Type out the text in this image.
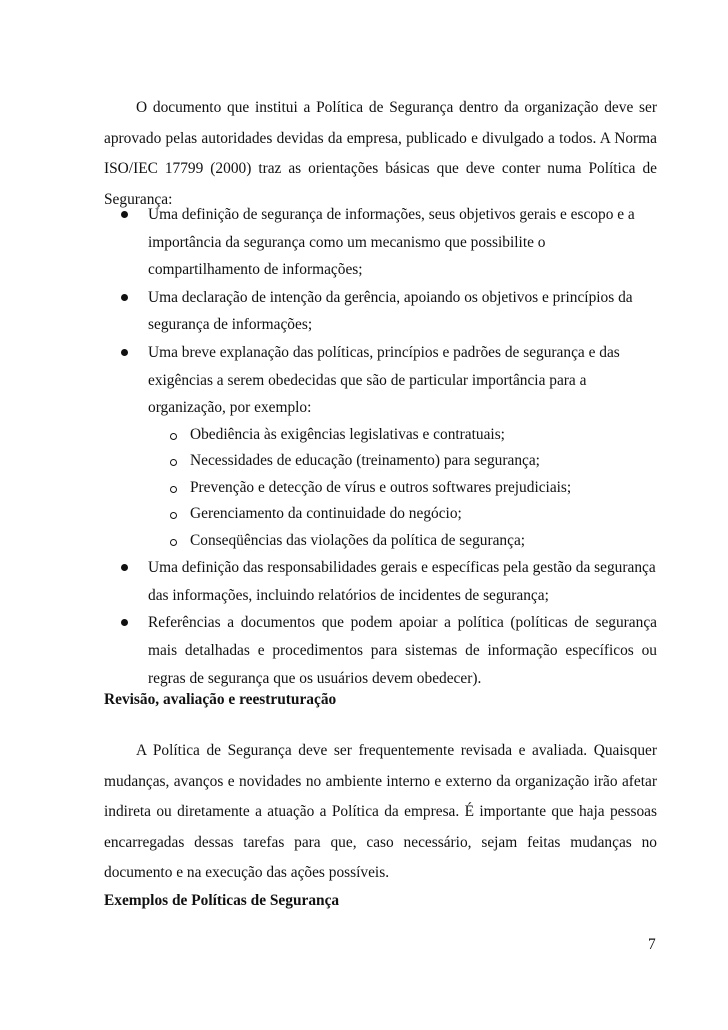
O documento que institui a Política de Segurança dentro da organização deve ser aprovado pelas autoridades devidas da empresa, publicado e divulgado a todos. A Norma ISO/IEC 17799 (2000) traz as orientações básicas que deve conter numa Política de Segurança:

Uma definição de segurança de informações, seus objetivos gerais e escopo e a importância da segurança como um mecanismo que possibilite o compartilhamento de informações;
Uma declaração de intenção da gerência, apoiando os objetivos e princípios da segurança de informações;
Uma breve explanação das políticas, princípios e padrões de segurança e das exigências a serem obedecidas que são de particular importância para a organização, por exemplo:
Obediência às exigências legislativas e contratuais;
Necessidades de educação (treinamento) para segurança;
Prevenção e detecção de vírus e outros softwares prejudiciais;
Gerenciamento da continuidade do negócio;
Conseqüências das violações da política de segurança;
Uma definição das responsabilidades gerais e específicas pela gestão da segurança das informações, incluindo relatórios de incidentes de segurança;
Referências a documentos que podem apoiar a política (políticas de segurança mais detalhadas e procedimentos para sistemas de informação específicos ou regras de segurança que os usuários devem obedecer).
Revisão, avaliação e reestruturação

A Política de Segurança deve ser frequentemente revisada e avaliada. Quaisquer mudanças, avanços e novidades no ambiente interno e externo da organização irão afetar indireta ou diretamente a atuação a Política da empresa. É importante que haja pessoas encarregadas dessas tarefas para que, caso necessário, sejam feitas mudanças no documento e na execução das ações possíveis.

Exemplos de Políticas de Segurança
7
